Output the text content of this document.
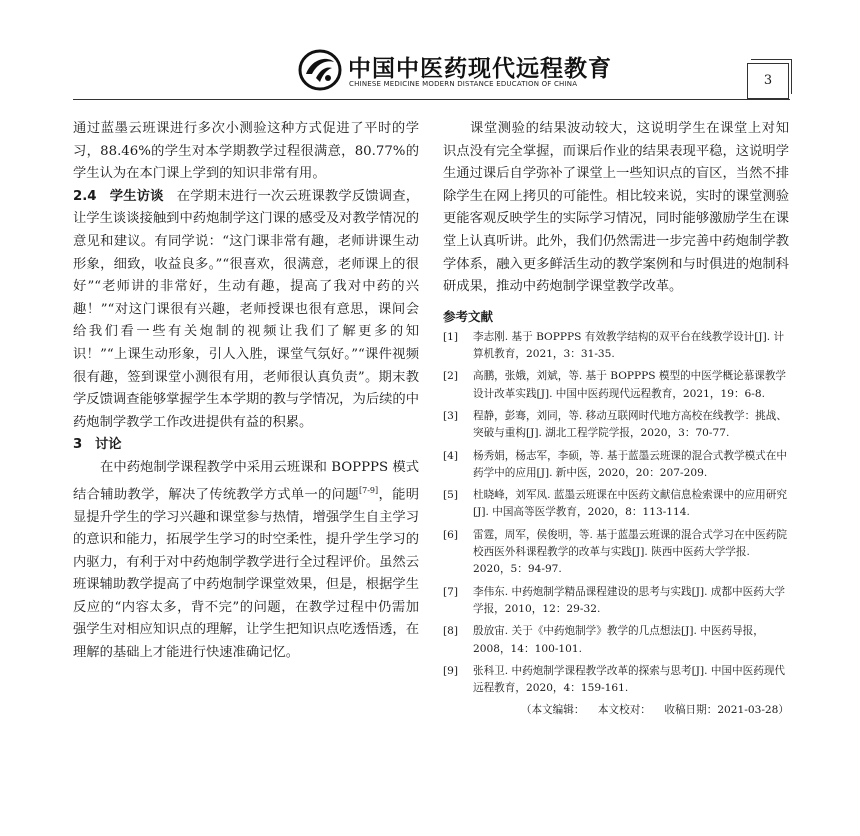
中国中医药现代远程教育
CHINESE MEDICINE MODERN DISTANCE EDUCATION OF CHINA	3

通过蓝墨云班课进行多次小测验这种方式促进了平时的学习，88.46%的学生对本学期教学过程很满意，80.77%的学生认为在本门课上学到的知识非常有用。

2.4 学生访谈 在学期末进行一次云班课教学反馈调查，让学生谈谈接触到中药炮制学这门课的感受及对教学情况的意见和建议。有同学说：“这门课非常有趣，老师讲课生动形象，细致，收益良多。”“很喜欢，很满意，老师课上的很好”“老师讲的非常好，生动有趣，提高了我对中药的兴趣！”“对这门课很有兴趣，老师授课也很有意思，课间会给我们看一些有关炮制的视频让我们了解更多的知识！”“上课生动形象，引人入胜，课堂气氛好。”“课件视频很有趣，签到课堂小测很有用，老师很认真负责”。期末教学反馈调查能够掌握学生本学期的教与学情况，为后续的中药炮制学教学工作改进提供有益的积累。

3 讨论

在中药炮制学课程教学中采用云班课和 BOPPPS 模式结合辅助教学，解决了传统教学方式单一的问题[7-9]，能明显提升学生的学习兴趣和课堂参与热情，增强学生自主学习的意识和能力，拓展学生学习的时空柔性，提升学生学习的内驱力，有利于对中药炮制学教学进行全过程评价。虽然云班课辅助教学提高了中药炮制学课堂效果，但是，根据学生反应的“内容太多，背不完”的问题，在教学过程中仍需加强学生对相应知识点的理解，让学生把知识点吃透悟透，在理解的基础上才能进行快速准确记忆。

课堂测验的结果波动较大，这说明学生在课堂上对知识点没有完全掌握，而课后作业的结果表现平稳，这说明学生通过课后自学弥补了课堂上一些知识点的盲区，当然不排除学生在网上拷贝的可能性。相比较来说，实时的课堂测验更能客观反映学生的实际学习情况，同时能够激励学生在课堂上认真听讲。此外，我们仍然需进一步完善中药炮制学教学体系，融入更多鲜活生动的教学案例和与时俱进的炮制科研成果，推动中药炮制学课堂教学改革。

参考文献
[1]	李志刚. 基于 BOPPPS 有效教学结构的双平台在线教学设计[J]. 计算机教育，2021，3：31-35.
[2]	高鹏，张娥，刘斌，等. 基于 BOPPPS 模型的中医学概论慕课教学设计改革实践[J]. 中国中医药现代远程教育，2021，19：6-8.
[3]	程静，彭骞，刘同，等. 移动互联网时代地方高校在线教学：挑战、突破与重构[J]. 湖北工程学院学报，2020，3：70-77.
[4]	杨秀娟，杨志军，李硕，等. 基于蓝墨云班课的混合式教学模式在中药学中的应用[J]. 新中医，2020，20：207-209.
[5]	杜晓峰，刘军凤. 蓝墨云班课在中医药文献信息检索课中的应用研究[J]. 中国高等医学教育，2020，8：113-114.
[6]	雷霆，周军，侯俊明，等. 基于蓝墨云班课的混合式学习在中医药院校西医外科课程教学的改革与实践[J]. 陕西中医药大学学报. 2020，5：94-97.
[7]	李伟东. 中药炮制学精品课程建设的思考与实践[J]. 成都中医药大学学报，2010，12：29-32.
[8]	殷放宙. 关于《中药炮制学》教学的几点想法[J]. 中医药导报，2008，14：100-101.
[9]	张科卫. 中药炮制学课程教学改革的探索与思考[J]. 中国中医药现代远程教育，2020，4：159-161.
（本文编辑：    本文校对：    收稿日期：2021-03-28）
